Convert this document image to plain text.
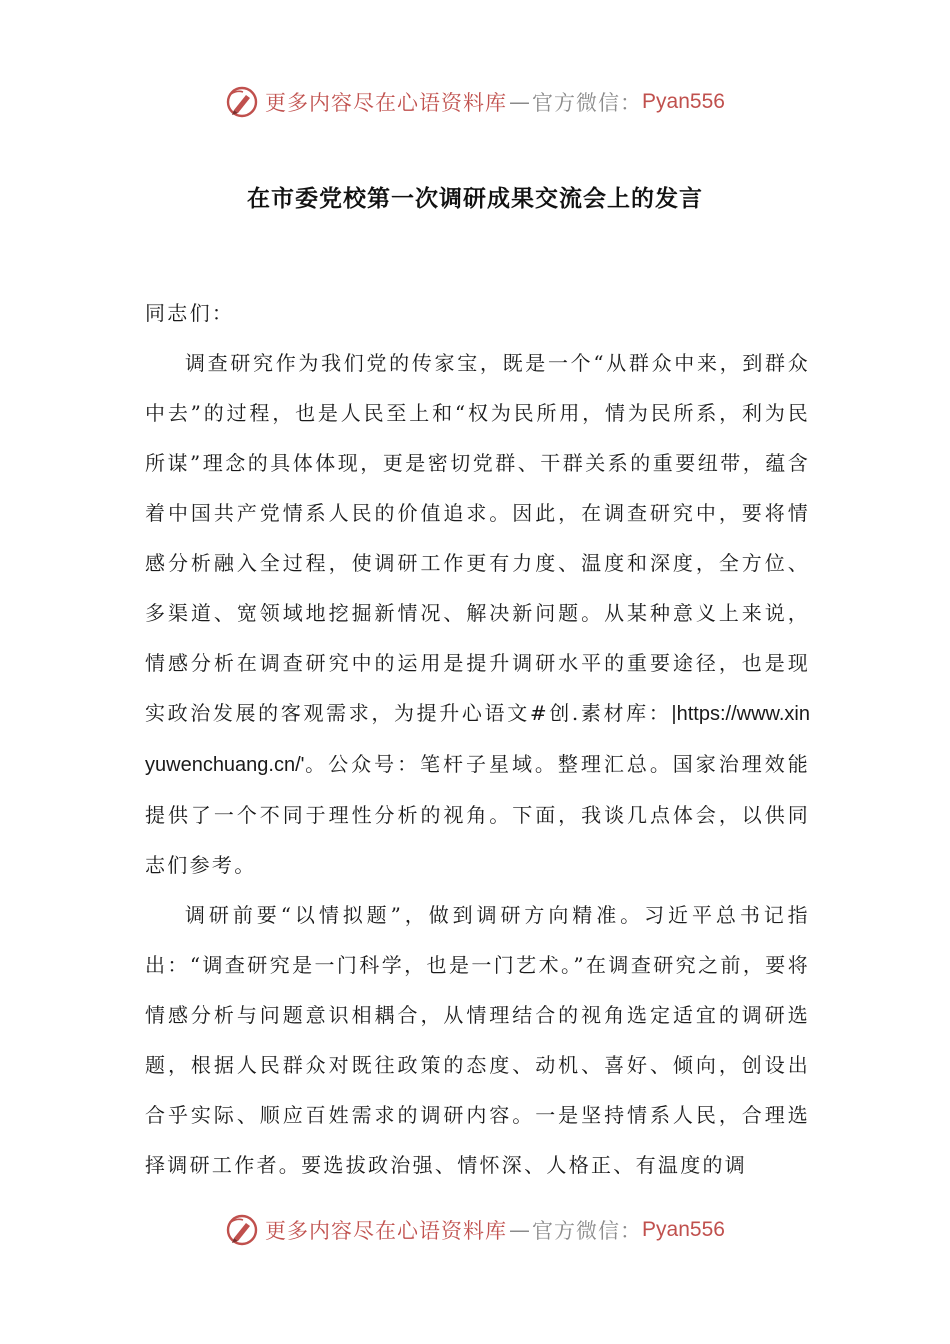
更多内容尽在心语资料库 — 官方微信： Pyan556
在市委党校第一次调研成果交流会上的发言

同志们：

调查研究作为我们党的传家宝，既是一个“从群众中来，到群众中去”的过程，也是人民至上和“权为民所用，情为民所系，利为民所谋”理念的具体体现，更是密切党群、干群关系的重要纽带，蕴含着中国共产党情系人民的价值追求。因此，在调查研究中，要将情感分析融入全过程，使调研工作更有力度、温度和深度，全方位、多渠道、宽领域地挖掘新情况、解决新问题。从某种意义上来说，情感分析在调查研究中的运用是提升调研水平的重要途径，也是现实政治发展的客观需求，为提升心语文#创.素材库：|https://www.xinyuwenchuang.cn/'。公众号：笔杆子星域。整理汇总。国家治理效能提供了一个不同于理性分析的视角。下面，我谈几点体会，以供同志们参考。

调研前要“以情拟题”，做到调研方向精准。习近平总书记指出：“调查研究是一门科学，也是一门艺术。”在调查研究之前，要将情感分析与问题意识相耦合，从情理结合的视角选定适宜的调研选题，根据人民群众对既往政策的态度、动机、喜好、倾向，创设出合乎实际、顺应百姓需求的调研内容。一是坚持情系人民，合理选择调研工作者。要选拔政治强、情怀深、人格正、有温度的调

更多内容尽在心语资料库 — 官方微信： Pyan556
